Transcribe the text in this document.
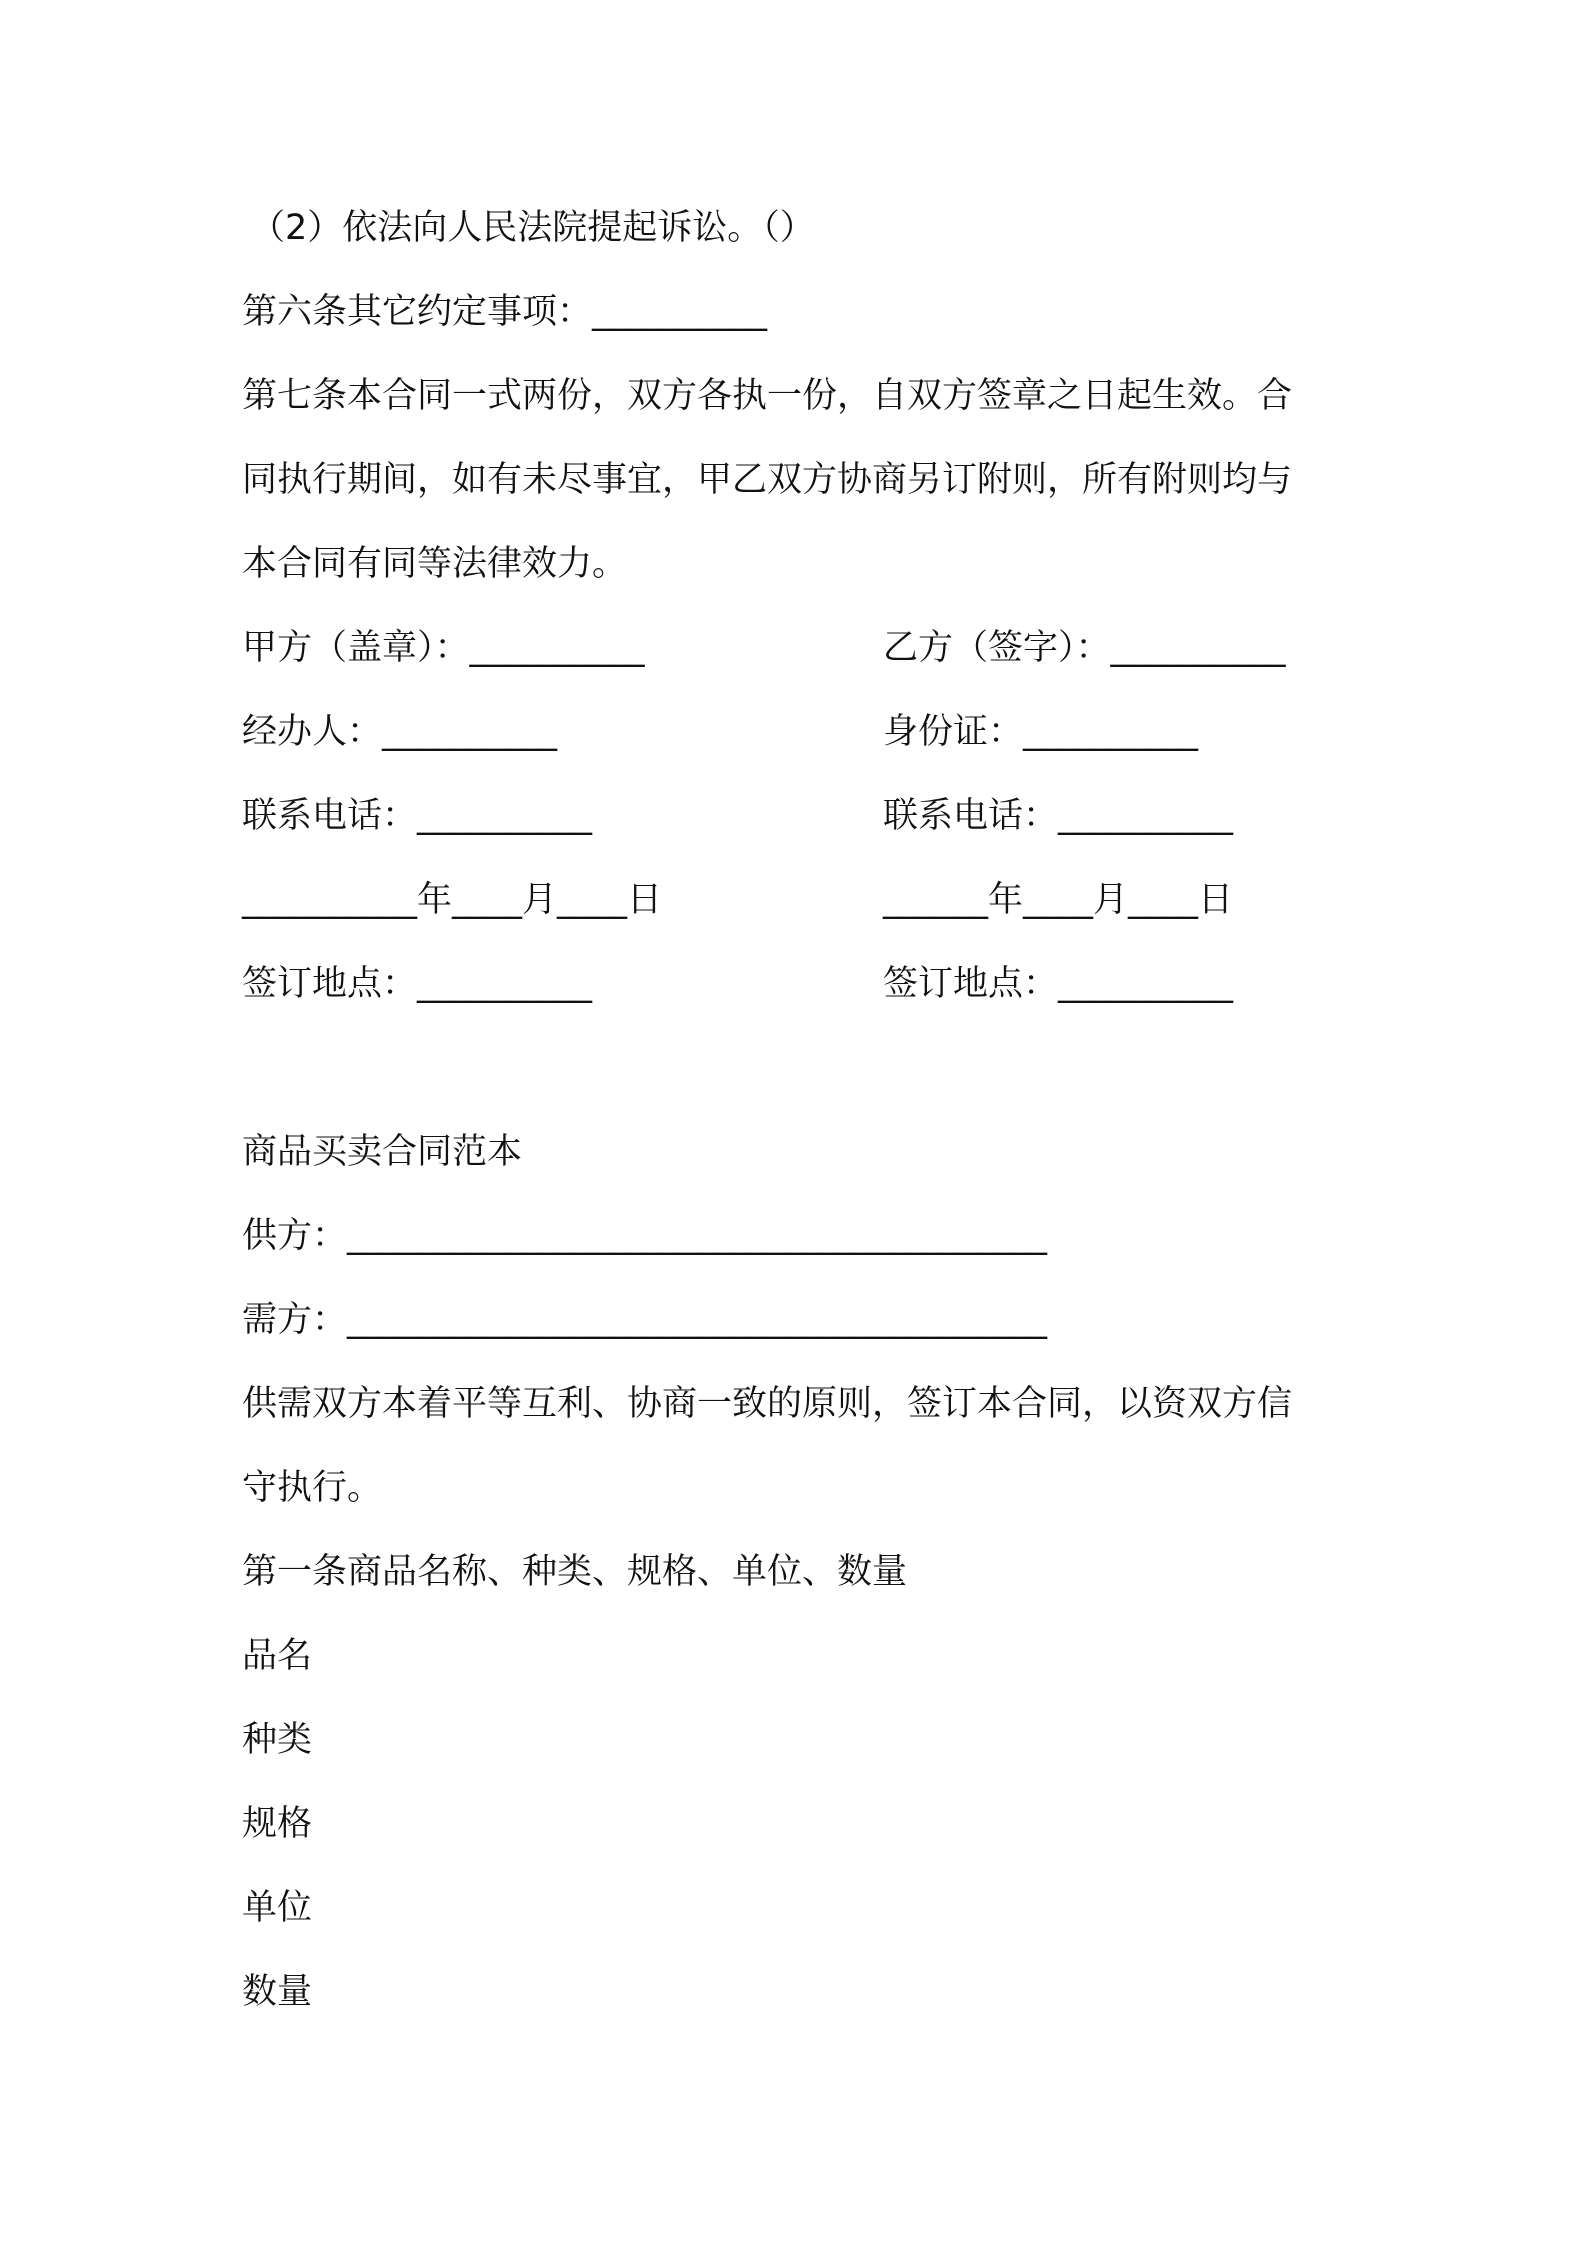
（2）依法向人民法院提起诉讼。（）
第六条其它约定事项：__________
第七条本合同一式两份，双方各执一份，自双方签章之日起生效。合
同执行期间，如有未尽事宜，甲乙双方协商另订附则，所有附则均与
本合同有同等法律效力。
甲方（盖章）：__________	乙方（签字）：__________
经办人：__________	身份证：__________
联系电话：__________	联系电话：__________
__________年____月____日	______年____月____日
签订地点：__________	签订地点：__________
商品买卖合同范本
供方：________________________________________
需方：________________________________________
供需双方本着平等互利、协商一致的原则，签订本合同，以资双方信
守执行。
第一条商品名称、种类、规格、单位、数量
品名
种类
规格
单位
数量
